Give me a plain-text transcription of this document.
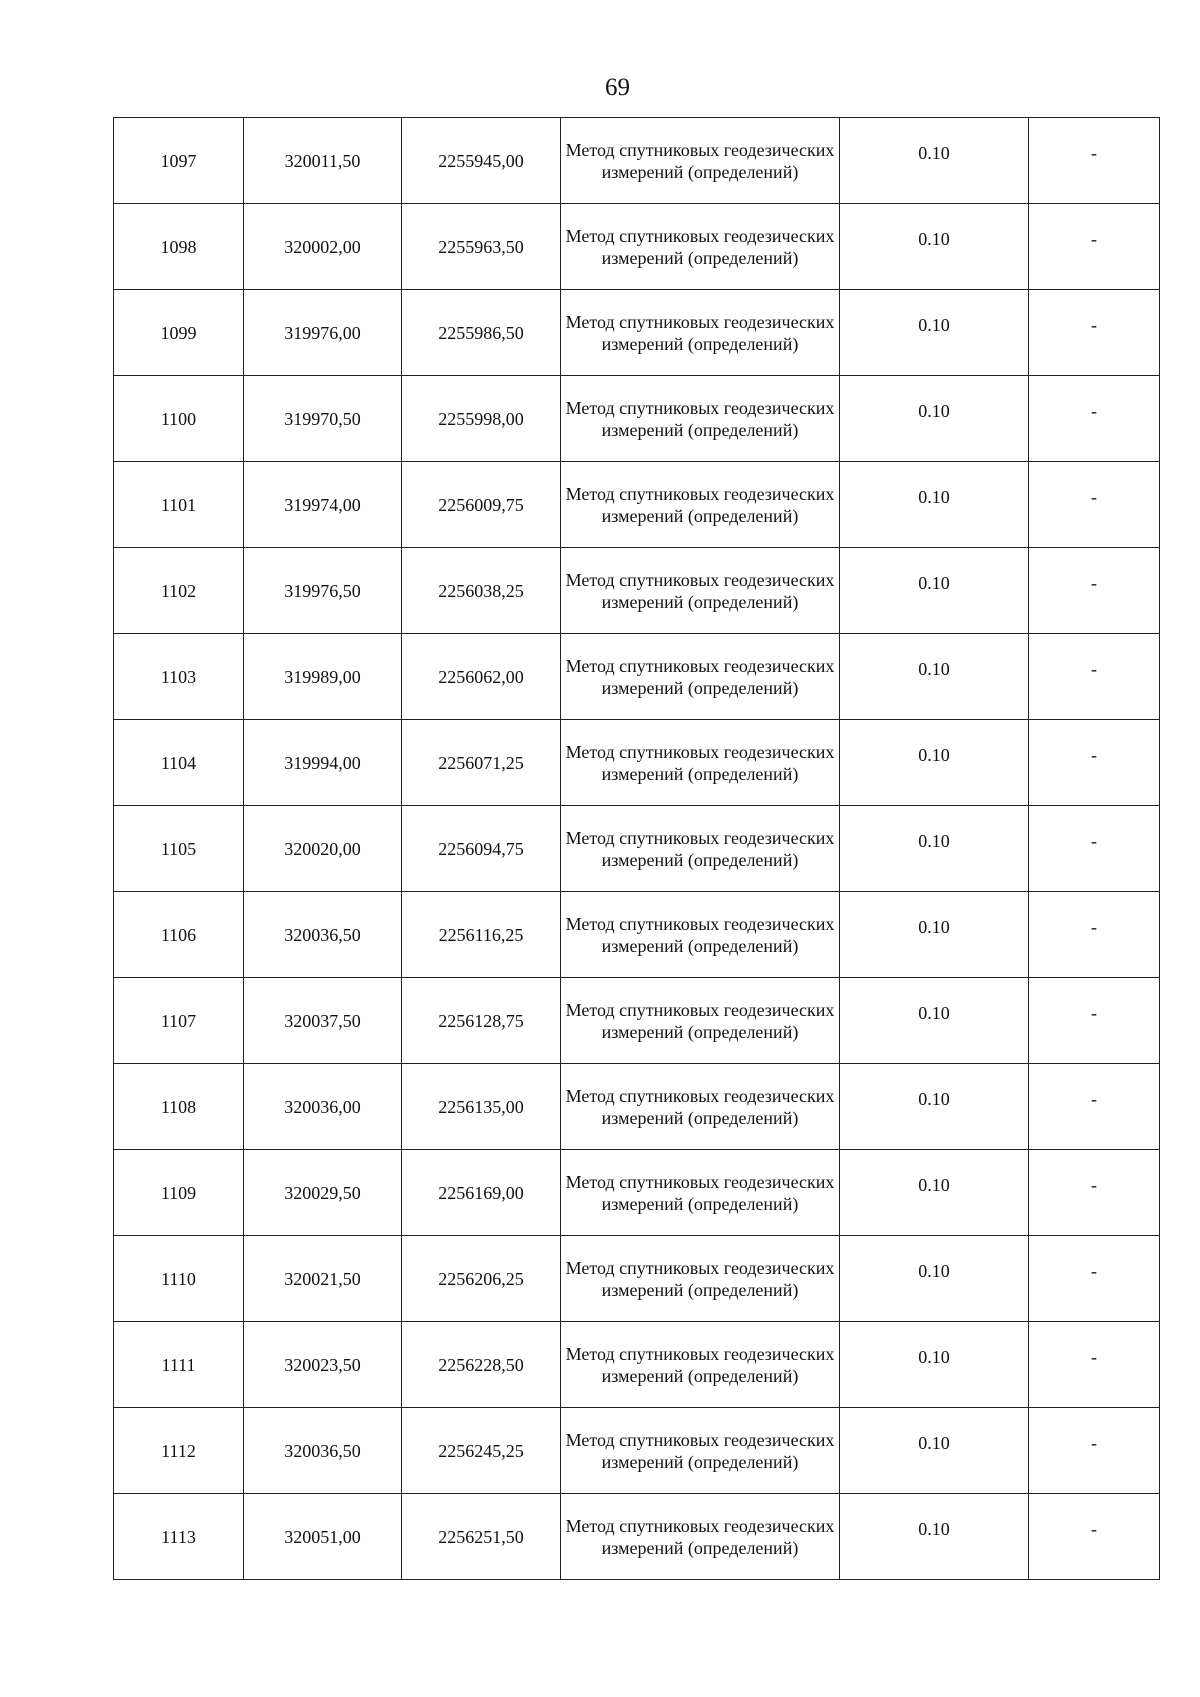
69
1097	320011,50	2255945,00	Метод спутниковых геодезических измерений (определений)	0.10	-
1098	320002,00	2255963,50	Метод спутниковых геодезических измерений (определений)	0.10	-
1099	319976,00	2255986,50	Метод спутниковых геодезических измерений (определений)	0.10	-
1100	319970,50	2255998,00	Метод спутниковых геодезических измерений (определений)	0.10	-
1101	319974,00	2256009,75	Метод спутниковых геодезических измерений (определений)	0.10	-
1102	319976,50	2256038,25	Метод спутниковых геодезических измерений (определений)	0.10	-
1103	319989,00	2256062,00	Метод спутниковых геодезических измерений (определений)	0.10	-
1104	319994,00	2256071,25	Метод спутниковых геодезических измерений (определений)	0.10	-
1105	320020,00	2256094,75	Метод спутниковых геодезических измерений (определений)	0.10	-
1106	320036,50	2256116,25	Метод спутниковых геодезических измерений (определений)	0.10	-
1107	320037,50	2256128,75	Метод спутниковых геодезических измерений (определений)	0.10	-
1108	320036,00	2256135,00	Метод спутниковых геодезических измерений (определений)	0.10	-
1109	320029,50	2256169,00	Метод спутниковых геодезических измерений (определений)	0.10	-
1110	320021,50	2256206,25	Метод спутниковых геодезических измерений (определений)	0.10	-
1111	320023,50	2256228,50	Метод спутниковых геодезических измерений (определений)	0.10	-
1112	320036,50	2256245,25	Метод спутниковых геодезических измерений (определений)	0.10	-
1113	320051,00	2256251,50	Метод спутниковых геодезических измерений (определений)	0.10	-
